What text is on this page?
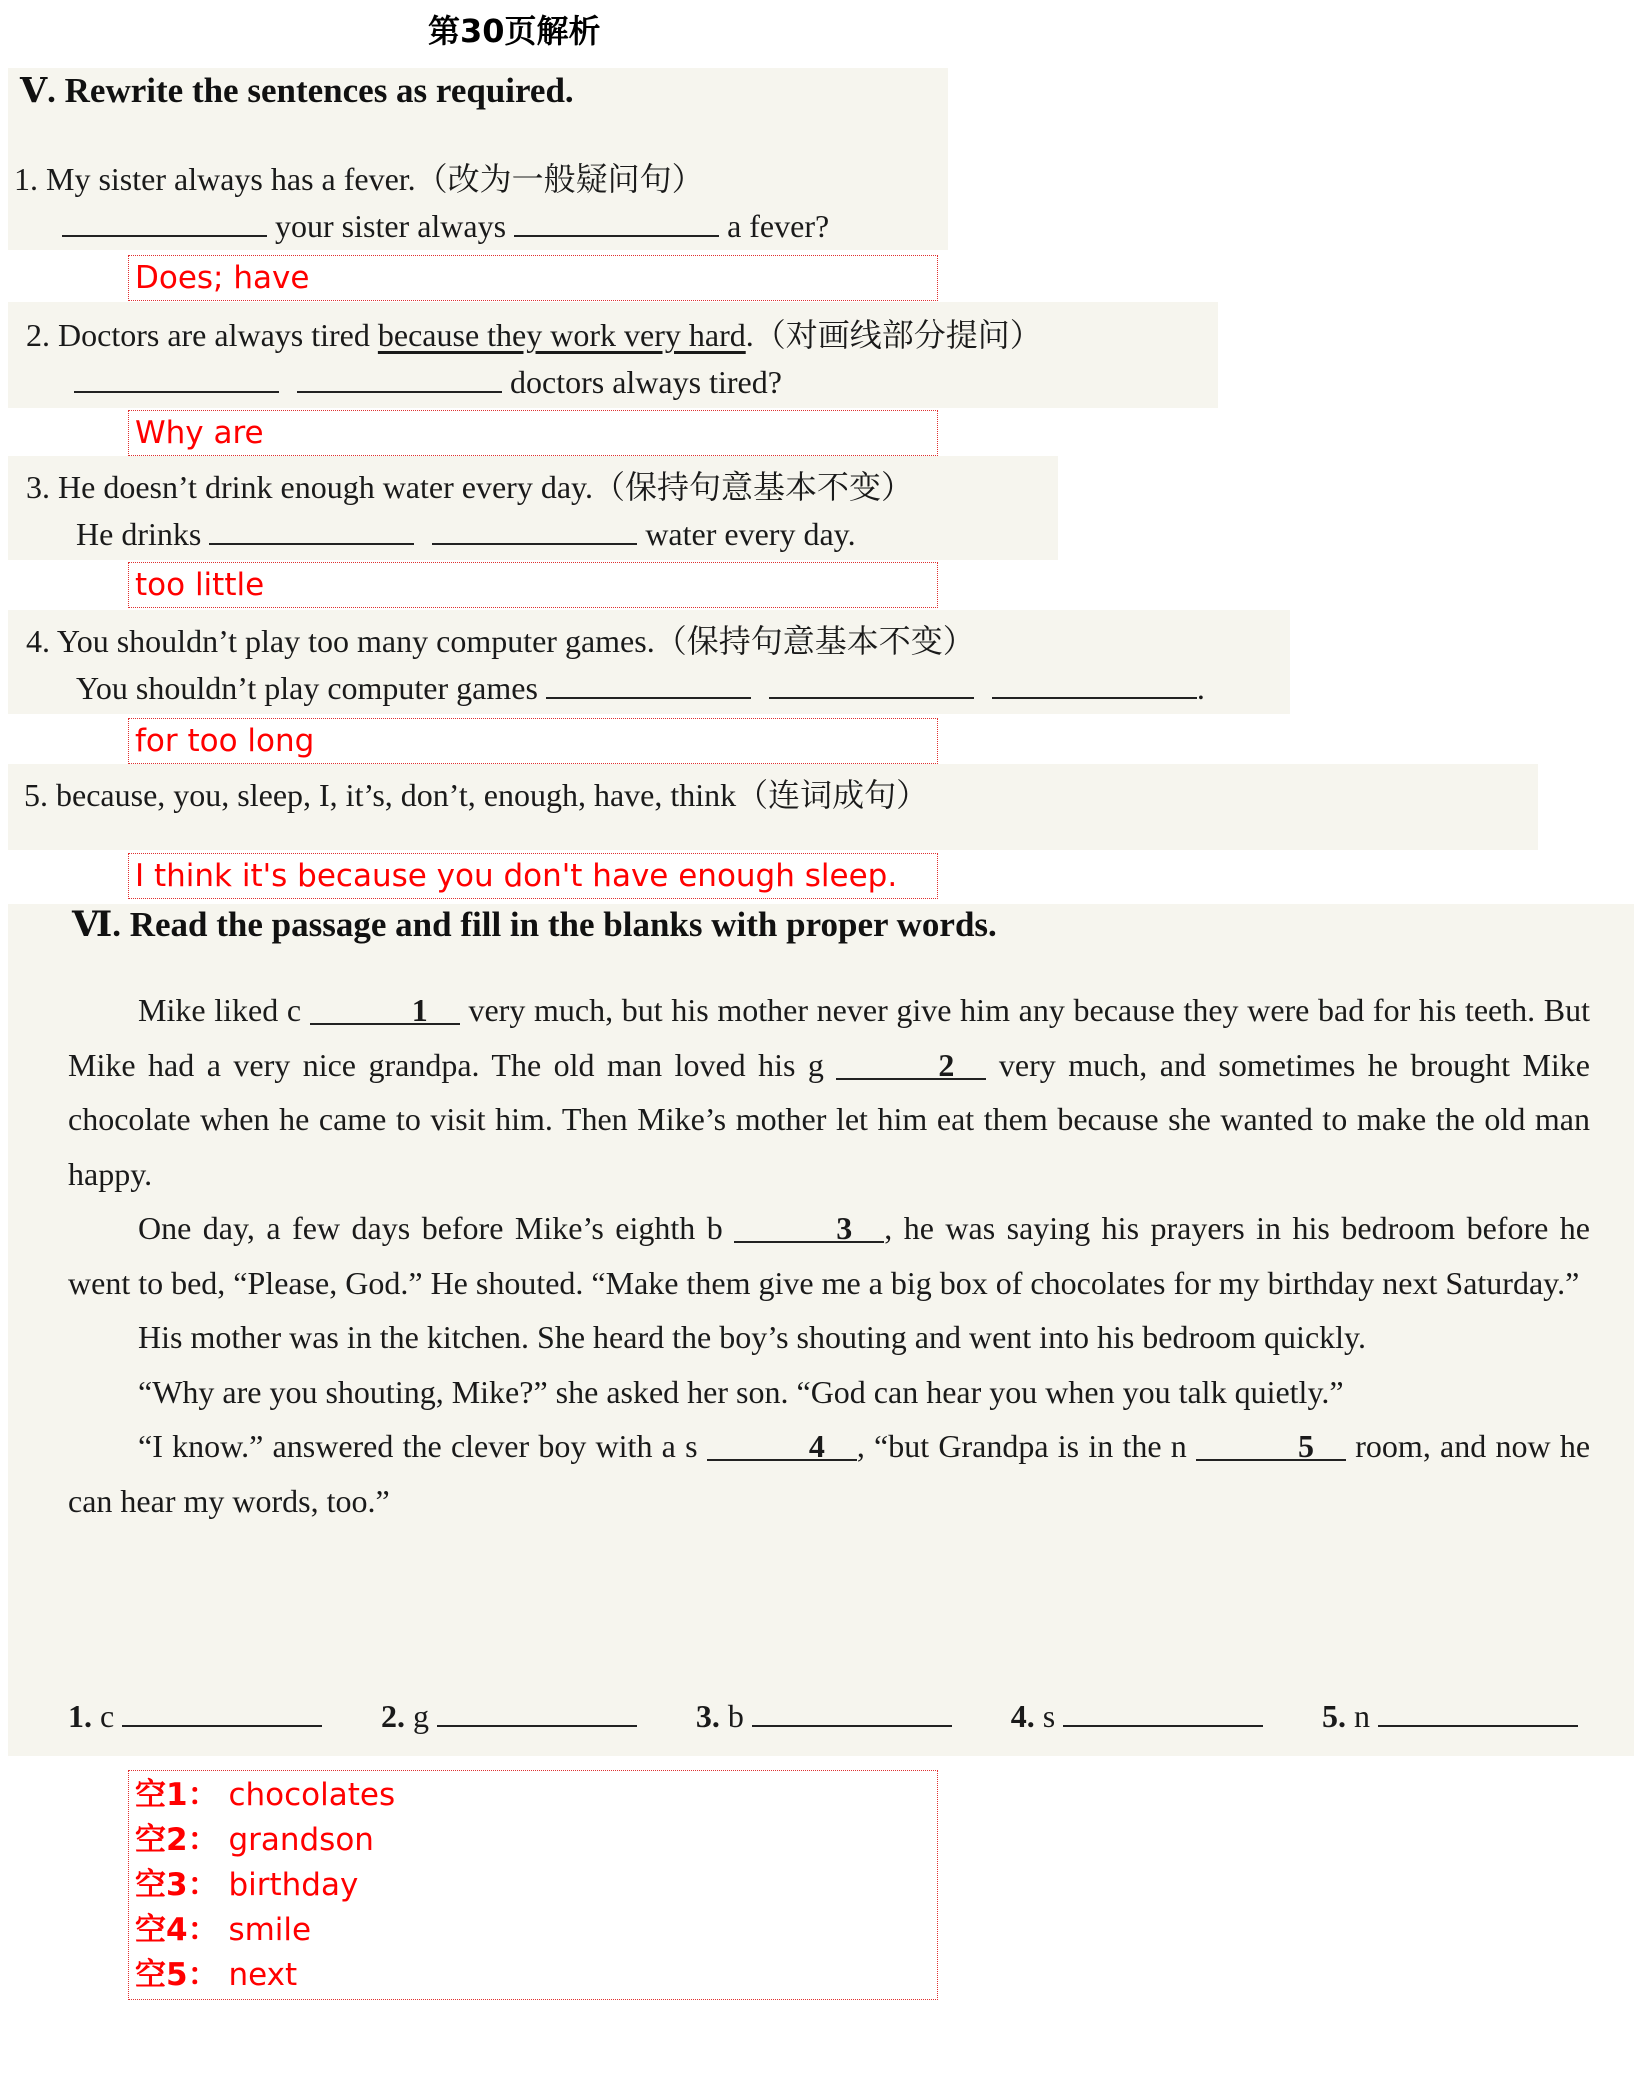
第30页解析
Ⅴ. Rewrite the sentences as required.
1. My sister always has a fever.（改为一般疑问句）
your sister always	a fever?
Does; have
2. Doctors are always tired because they work very hard.（对画线部分提问）
doctors always tired?
Why are
3. He doesn’t drink enough water every day.（保持句意基本不变）
He drinks	water every day.
too little
4. You shouldn’t play too many computer games.（保持句意基本不变）
You shouldn’t play computer games	.
for too long
5. because, you, sleep, I, it’s, don’t, enough, have, think（连词成句）
I think it's because you don't have enough sleep.
Ⅵ. Read the passage and fill in the blanks with proper words.

Mike liked c	1 very much, but his mother never give him any because they were bad for his teeth. But Mike had a very nice grandpa. The old man loved his g	2 very much, and sometimes he brought Mike chocolate when he came to visit him. Then Mike’s mother let him eat them because she wanted to make the old man happy.

One day, a few days before Mike’s eighth b	3 , he was saying his prayers in his bedroom before he went to bed, “Please, God.” He shouted. “Make them give me a big box of chocolates for my birthday next Saturday.”

His mother was in the kitchen. She heard the boy’s shouting and went into his bedroom quickly.

“Why are you shouting, Mike?” she asked her son. “God can hear you when you talk quietly.”

“I know.” answered the clever boy with a s	4 , “but Grandpa is in the n	5 room, and now he can hear my words, too.”

1. c	2. g	3. b	4. s	5. n
空1： chocolates
空2： grandson
空3： birthday
空4： smile
空5： next
